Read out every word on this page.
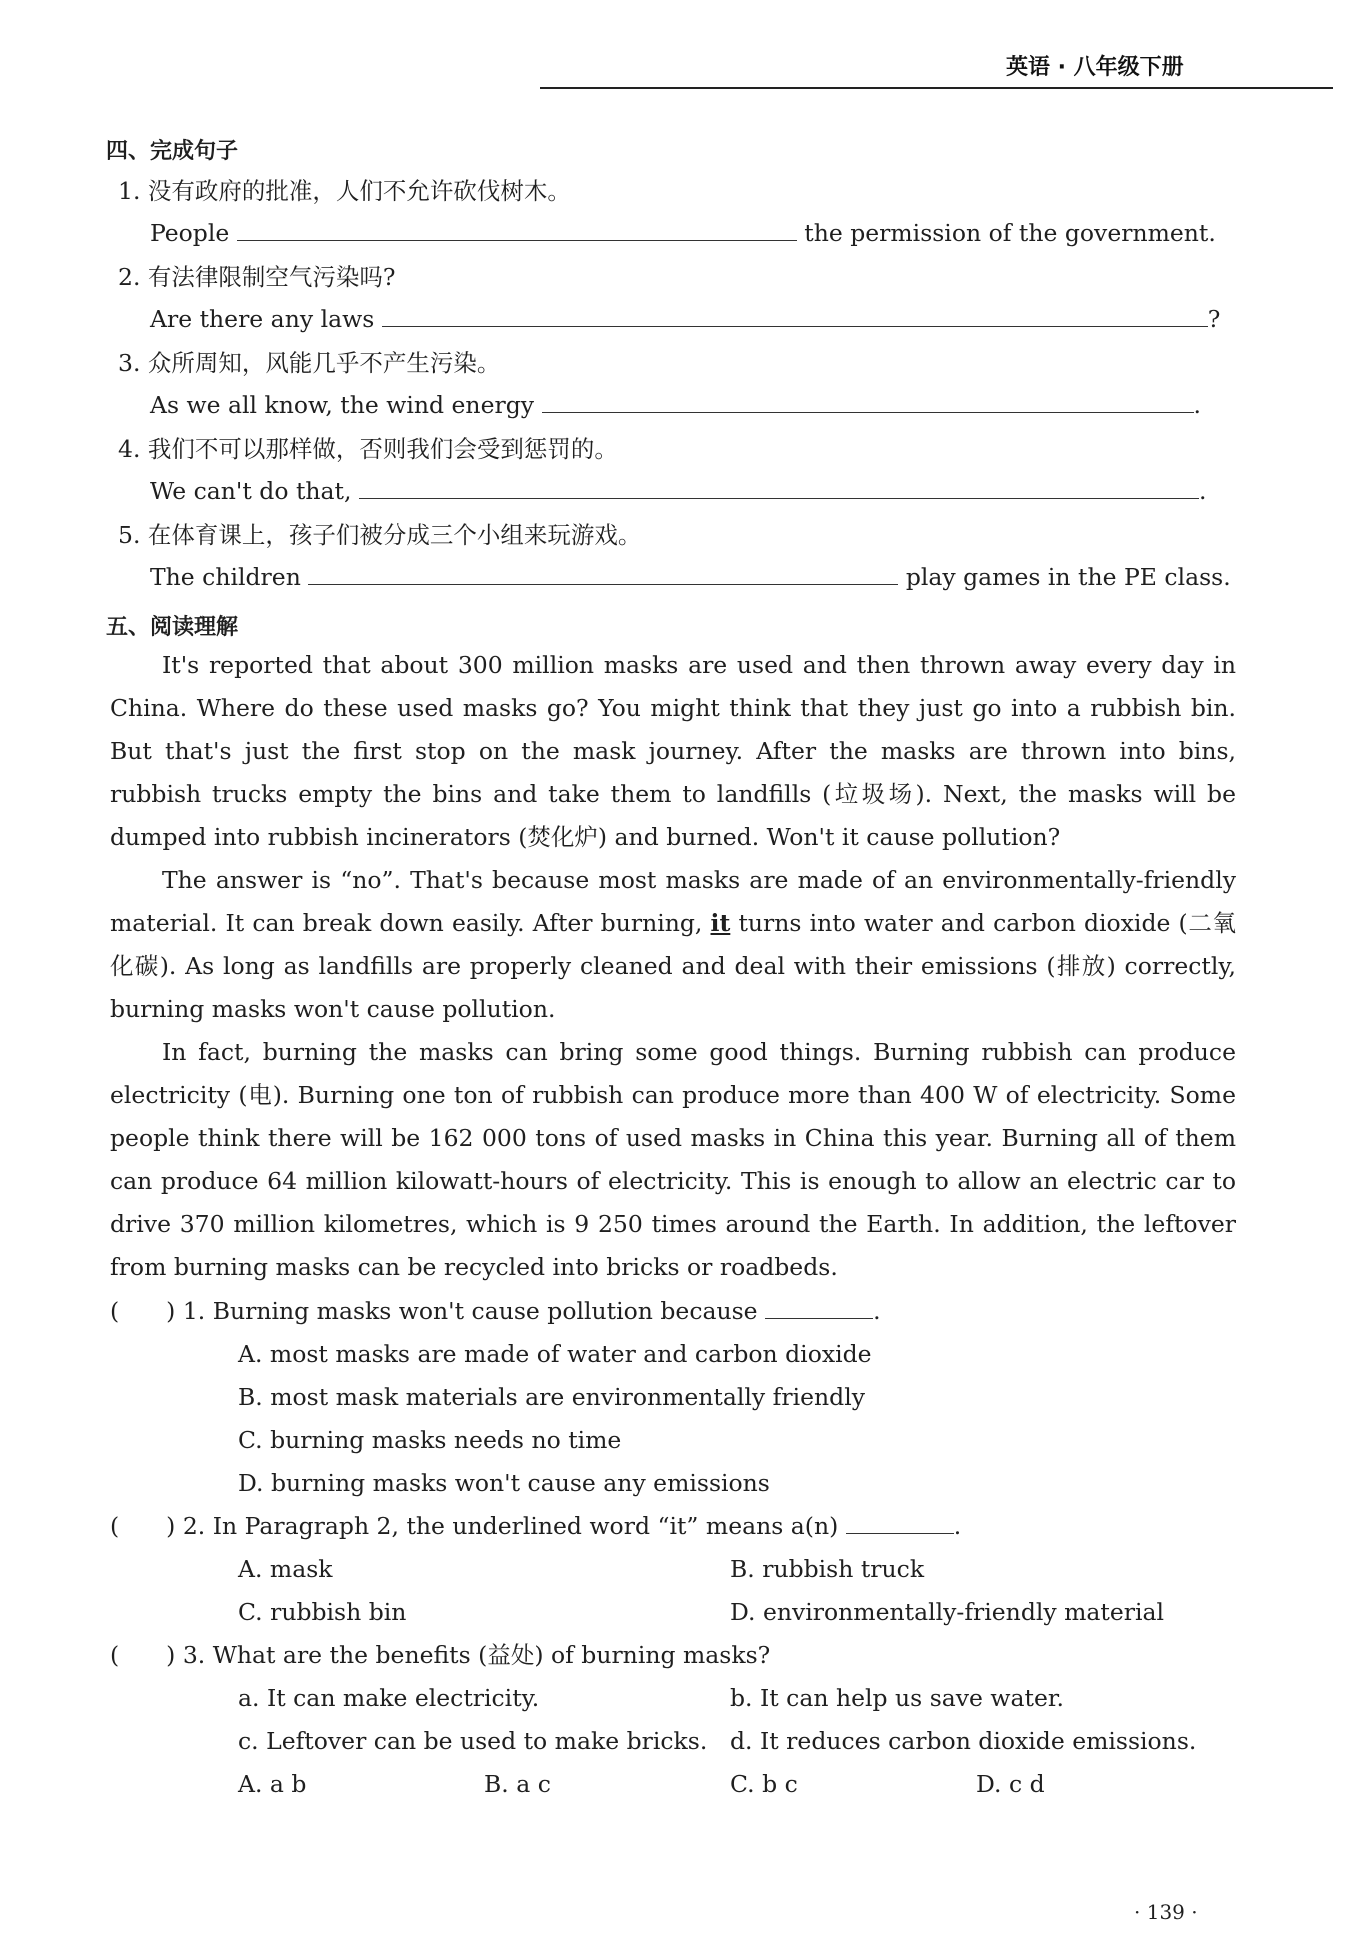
英语 · 八年级下册
四、完成句子
1. 没有政府的批准，人们不允许砍伐树木。
People	the permission of the government.
2. 有法律限制空气污染吗?
Are there any laws	?
3. 众所周知，风能几乎不产生污染。
As we all know, the wind energy	.
4. 我们不可以那样做，否则我们会受到惩罚的。
We can't do that,	.
5. 在体育课上，孩子们被分成三个小组来玩游戏。
The children	play games in the PE class.
五、阅读理解
It's reported that about 300 million masks are used and then thrown away every day in
China. Where do these used masks go? You might think that they just go into a rubbish bin.
But that's just the first stop on the mask journey. After the masks are thrown into bins,
rubbish trucks empty the bins and take them to landfills (垃圾场). Next, the masks will be
dumped into rubbish incinerators (焚化炉) and burned. Won't it cause pollution?
The answer is “no”. That's because most masks are made of an environmentally-friendly
material. It can break down easily. After burning, it turns into water and carbon dioxide (二氧
化碳). As long as landfills are properly cleaned and deal with their emissions (排放) correctly,
burning masks won't cause pollution.
In fact, burning the masks can bring some good things. Burning rubbish can produce
electricity (电). Burning one ton of rubbish can produce more than 400 W of electricity. Some
people think there will be 162 000 tons of used masks in China this year. Burning all of them
can produce 64 million kilowatt-hours of electricity. This is enough to allow an electric car to
drive 370 million kilometres, which is 9 250 times around the Earth. In addition, the leftover
from burning masks can be recycled into bricks or roadbeds.
(　　) 1. Burning masks won't cause pollution because	.
A. most masks are made of water and carbon dioxide
B. most mask materials are environmentally friendly
C. burning masks needs no time
D. burning masks won't cause any emissions
(　　) 2. In Paragraph 2, the underlined word “it” means a(n)	.
A. mask	B. rubbish truck
C. rubbish bin	D. environmentally-friendly material
(　　) 3. What are the benefits (益处) of burning masks?
a. It can make electricity.	b. It can help us save water.
c. Leftover can be used to make bricks. d. It reduces carbon dioxide emissions.
A. a b	B. a c	C. b c	D. c d
· 139 ·
